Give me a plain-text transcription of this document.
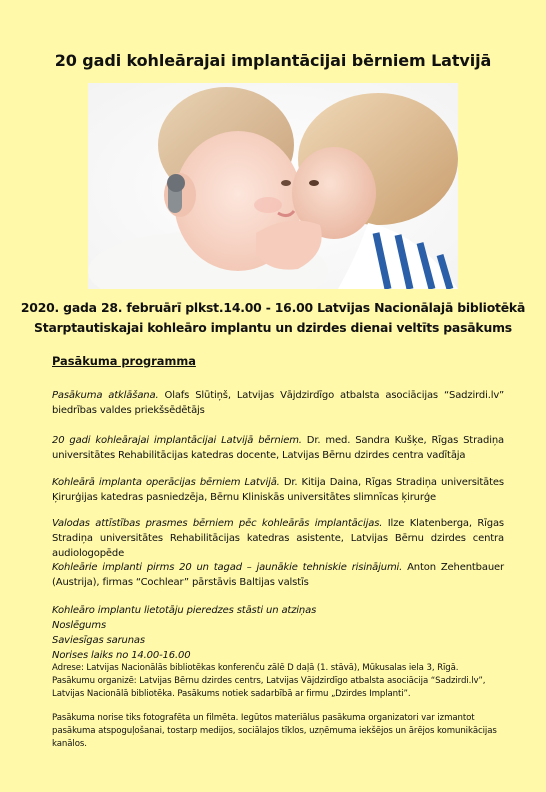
20 gadi kohleārajai implantācijai bērniem Latvijā
2020. gada 28. februārī plkst.14.00 - 16.00 Latvijas Nacionālajā bibliotēkā
Starptautiskajai kohleāro implantu un dzirdes dienai veltīts pasākums
Pasākuma programma
Pasākuma atklāšana. Olafs Slūtiņš, Latvijas Vājdzirdīgo atbalsta asociācijas “Sadzirdi.lv” biedrības valdes priekšsēdētājs
20 gadi kohleārajai implantācijai Latvijā bērniem. Dr. med. Sandra Kušķe, Rīgas Stradiņa universitātes Rehabilitācijas katedras docente, Latvijas Bērnu dzirdes centra vadītāja
Kohleārā implanta operācijas bērniem Latvijā. Dr. Kitija Daina, Rīgas Stradiņa universitātes Ķirurģijas katedras pasniedzēja, Bērnu Kliniskās universitātes slimnīcas ķirurģe
Valodas attīstības prasmes bērniem pēc kohleārās implantācijas. Ilze Klatenberga, Rīgas Stradiņa universitātes Rehabilitācijas katedras asistente, Latvijas Bērnu dzirdes centra audiologopēde
Kohleārie implanti pirms 20 un tagad – jaunākie tehniskie risinājumi. Anton Zehentbauer (Austrija), firmas “Cochlear” pārstāvis Baltijas valstīs
Kohleāro implantu lietotāju pieredzes stāsti un atziņas
Noslēgums
Saviesīgas sarunas
Norises laiks no 14.00-16.00
Adrese: Latvijas Nacionālās bibliotēkas konferenču zālē D daļā (1. stāvā), Mūkusalas iela 3, Rīgā.
Pasākumu organizē: Latvijas Bērnu dzirdes centrs, Latvijas Vājdzirdīgo atbalsta asociācija “Sadzirdi.lv”, Latvijas Nacionālā bibliotēka. Pasākums notiek sadarbībā ar firmu „Dzirdes Implanti”.
Pasākuma norise tiks fotografēta un filmēta. Iegūtos materiālus pasākuma organizatori var izmantot pasākuma atspoguļošanai, tostarp medijos, sociālajos tīklos, uzņēmuma iekšējos un ārējos komunikācijas kanālos.
